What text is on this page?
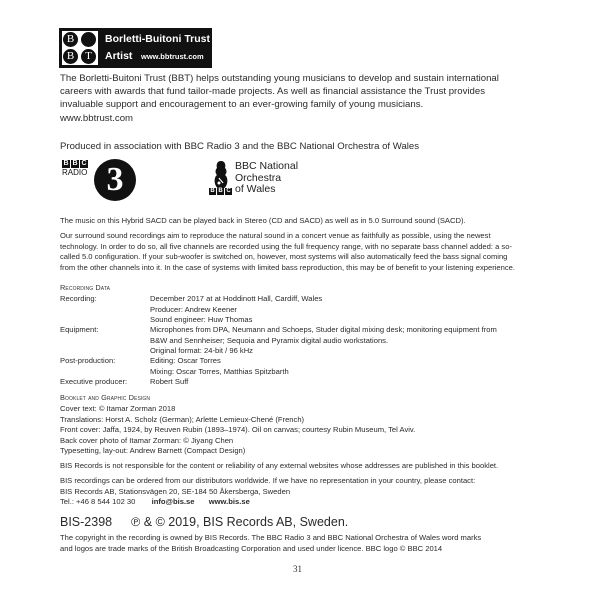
B
B T
Borletti-Buitoni Trust
Artist www.bbtrust.com
The Borletti-Buitoni Trust (BBT) helps outstanding young musicians to develop and sustain international
careers with awards that fund tailor-made projects. As well as financial assistance the Trust provides
invaluable support and encouragement to an ever-growing family of young musicians.
www.bbtrust.com
Produced in association with BBC Radio 3 and the BBC National Orchestra of Wales
B B C
RADIO 3	BBC National
Orchestra
B B C of Wales
The music on this Hybrid SACD can be played back in Stereo (CD and SACD) as well as in 5.0 Surround sound (SACD).
Our surround sound recordings aim to reproduce the natural sound in a concert venue as faithfully as possible, using the newest
technology. In order to do so, all five channels are recorded using the full frequency range, with no separate bass channel added: a so-
called 5.0 configuration. If your sub-woofer is switched on, however, most systems will also automatically feed the bass signal coming
from the other channels into it. In the case of systems with limited bass reproduction, this may be of benefit to your listening experience.
Recording Data
Recording:	December 2017 at at Hoddinott Hall, Cardiff, Wales
Producer: Andrew Keener
Sound engineer: Huw Thomas
Equipment:	Microphones from DPA, Neumann and Schoeps, Studer digital mixing desk; monitoring equipment from
B&W and Sennheiser; Sequoia and Pyramix digital audio workstations.
Original format: 24-bit / 96 kHz
Post-production:	Editing: Oscar Torres
Mixing: Oscar Torres, Matthias Spitzbarth
Executive producer:	Robert Suff
Booklet and Graphic Design
Cover text: © Itamar Zorman 2018
Translations: Horst A. Scholz (German); Arlette Lemieux-Chené (French)
Front cover: Jaffa, 1924, by Reuven Rubin (1893–1974). Oil on canvas; courtesy Rubin Museum, Tel Aviv.
Back cover photo of Itamar Zorman: © Jiyang Chen
Typesetting, lay-out: Andrew Barnett (Compact Design)
BIS Records is not responsible for the content or reliability of any external websites whose addresses are published in this booklet.
BIS recordings can be ordered from our distributors worldwide. If we have no representation in your country, please contact:
BIS Records AB, Stationsvägen 20, SE-184 50 Åkersberga, Sweden
Tel.: +46 8 544 102 30 info@bis.se www.bis.se
BIS-2398 ℗ & © 2019, BIS Records AB, Sweden.
The copyright in the recording is owned by BIS Records. The BBC Radio 3 and BBC National Orchestra of Wales word marks
and logos are trade marks of the British Broadcasting Corporation and used under licence. BBC logo © BBC 2014
31
